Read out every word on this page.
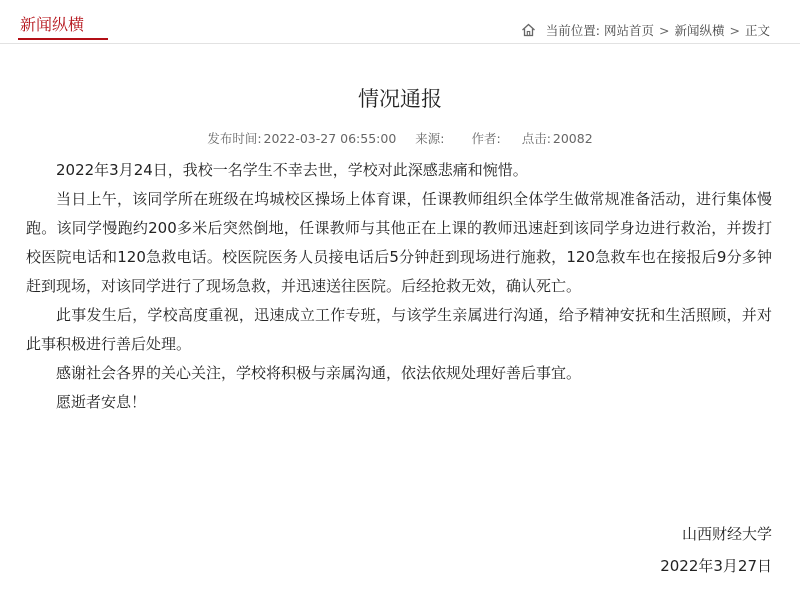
新闻纵横	当前位置: 网站首页 > 新闻纵横 > 正文
情况通报
发布时间: 2022-03-27 06:55:00 来源: 作者: 点击: 20082

2022年3月24日，我校一名学生不幸去世，学校对此深感悲痛和惋惜。

当日上午，该同学所在班级在坞城校区操场上体育课，任课教师组织全体学生做常规准备活动，进行集体慢跑。该同学慢跑约200多米后突然倒地，任课教师与其他正在上课的教师迅速赶到该同学身边进行救治，并拨打校医院电话和120急救电话。校医院医务人员接电话后5分钟赶到现场进行施救，120急救车也在接报后9分多钟赶到现场，对该同学进行了现场急救，并迅速送往医院。后经抢救无效，确认死亡。

此事发生后，学校高度重视，迅速成立工作专班，与该学生亲属进行沟通，给予精神安抚和生活照顾，并对此事积极进行善后处理。

感谢社会各界的关心关注，学校将积极与亲属沟通，依法依规处理好善后事宜。

愿逝者安息！

山西财经大学
2022年3月27日
